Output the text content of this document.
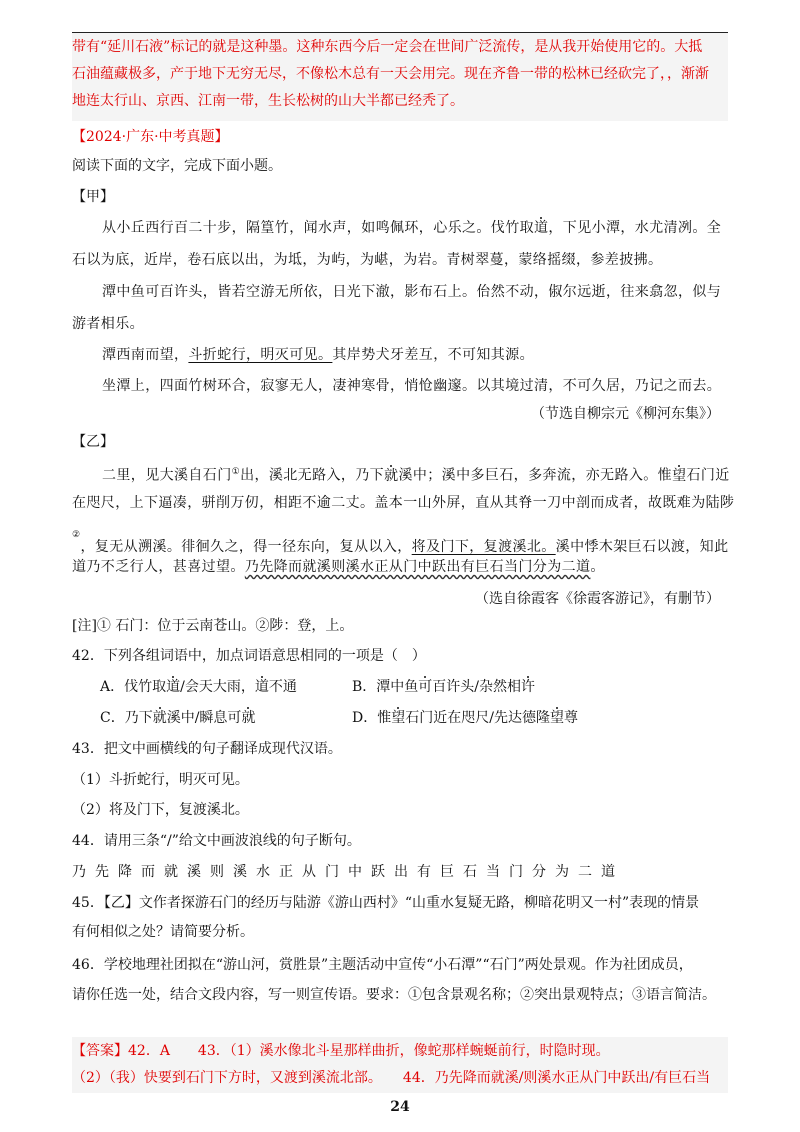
带有“延川石液”标记的就是这种墨。这种东西今后一定会在世间广泛流传，是从我开始使用它的。大抵
石油蕴藏极多，产于地下无穷无尽，不像松木总有一天会用完。现在齐鲁一带的松林已经砍完了，，渐渐
地连太行山、京西、江南一带，生长松树的山大半都已经秃了。
【2024·广东·中考真题】
阅读下面的文字，完成下面小题。
【甲】
从小丘西行百二十步，隔篁竹，闻水声，如鸣佩环，心乐之。伐竹取道，下见小潭，水尤清冽。全
石以为底，近岸，卷石底以出，为坻，为屿，为嵁，为岩。青树翠蔓，蒙络摇缀，参差披拂。
潭中鱼可百许头，皆若空游无所依，日光下澈，影布石上。佁然不动，俶尔远逝，往来翕忽，似与
游者相乐。
潭西南而望，斗折蛇行，明灭可见。其岸势犬牙差互，不可知其源。
坐潭上，四面竹树环合，寂寥无人，凄神寒骨，悄怆幽邃。以其境过清，不可久居，乃记之而去。
（节选自柳宗元《柳河东集》）
【乙】
二里，见大溪自石门①出，溪北无路入，乃下就溪中；溪中多巨石，多奔流，亦无路入。惟望石门近
在咫尺，上下逼凑，骈削万仞，相距不逾二丈。盖本一山外屏，直从其脊一刀中剖而成者，故既难为陆陟
②，复无从溯溪。徘徊久之，得一径东向，复从以入，将及门下，复渡溪北。溪中悸木架巨石以渡，知此
道乃不乏行人，甚喜过望。乃先降而就溪则溪水正从门中跃出有巨石当门分为二道。
（选自徐霞客《徐霞客游记》，有删节）
[注]① 石门：位于云南苍山。②陟：登，上。
42．下列各组词语中，加点词语意思相同的一项是（　）
A．伐竹取道/会天大雨，道不通	B．潭中鱼可百许头/杂然相许
C．乃下就溪中/瞬息可就	D．惟望石门近在咫尺/先达德隆望尊
43．把文中画横线的句子翻译成现代汉语。
（1）斗折蛇行，明灭可见。
（2）将及门下，复渡溪北。
44．请用三条“/”给文中画波浪线的句子断句。
乃先降而就溪则溪水正从门中跃出有巨石当门分为二道
45．【乙】文作者探游石门的经历与陆游《游山西村》“山重水复疑无路，柳暗花明又一村”表现的情景
有何相似之处？请简要分析。
46．学校地理社团拟在“游山河，赏胜景”主题活动中宣传“小石潭”“石门”两处景观。作为社团成员，
请你任选一处，结合文段内容，写一则宣传语。要求：①包含景观名称；②突出景观特点；③语言简洁。
【答案】42．A　　43．（1）溪水像北斗星那样曲折，像蛇那样蜿蜒前行，时隐时现。
（2）（我）快要到石门下方时，又渡到溪流北部。　　44．乃先降而就溪/则溪水正从门中跃出/有巨石当
24
